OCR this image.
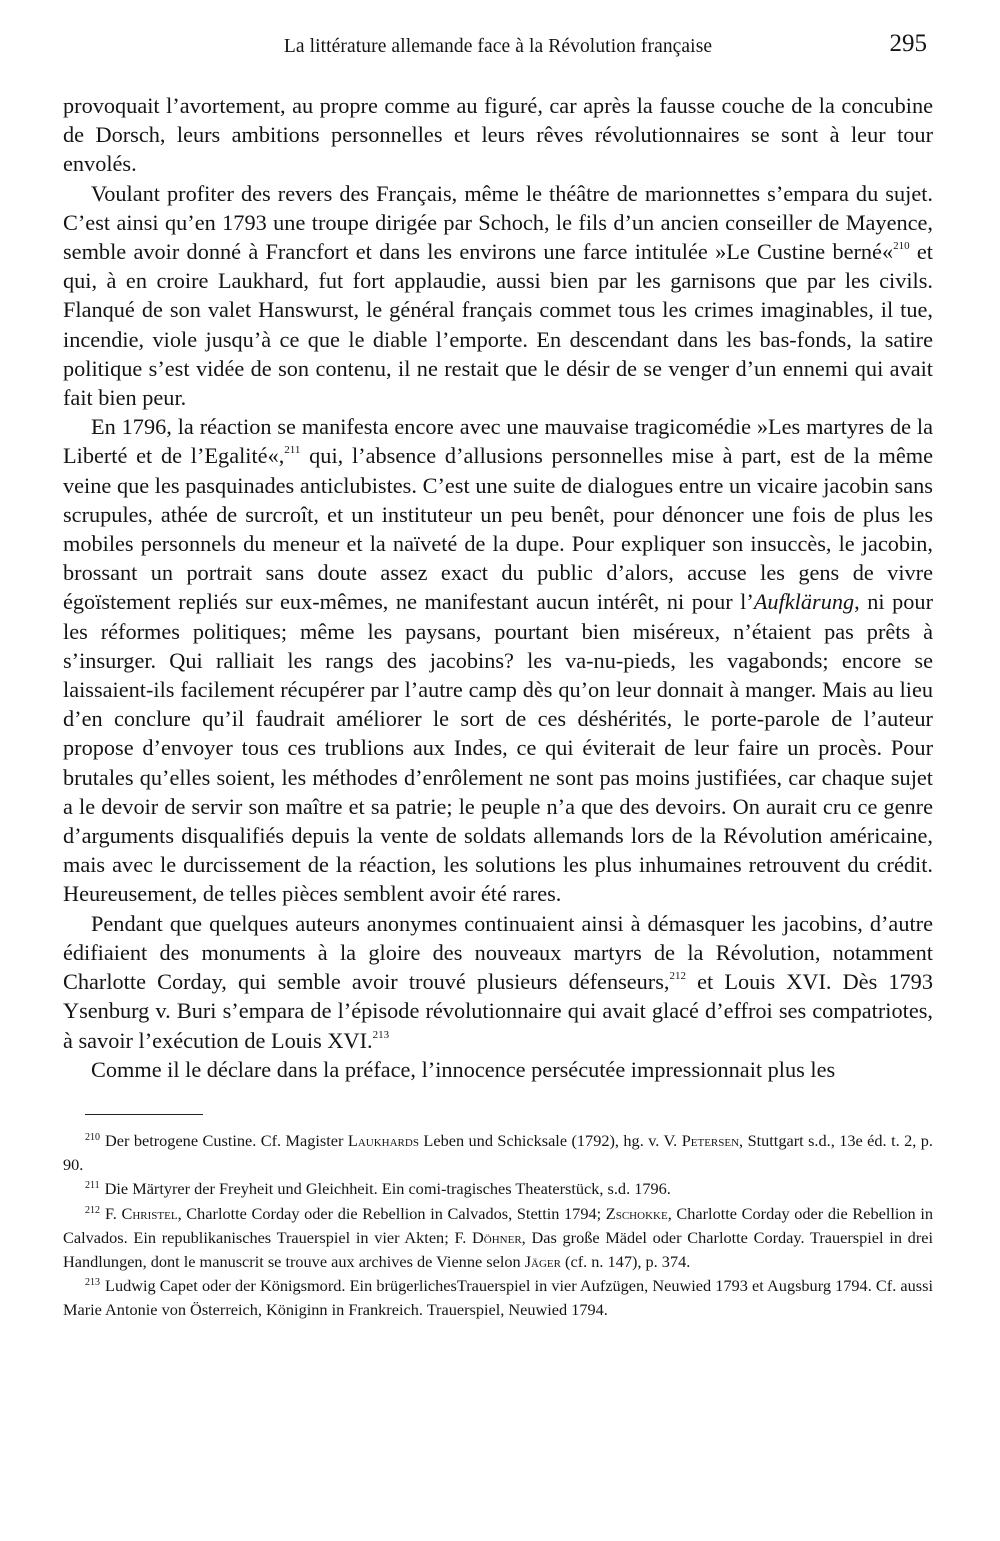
La littérature allemande face à la Révolution française	295

provoquait l’avortement, au propre comme au figuré, car après la fausse couche de la concubine de Dorsch, leurs ambitions personnelles et leurs rêves révolutionnaires se sont à leur tour envolés.

Voulant profiter des revers des Français, même le théâtre de marionnettes s’empara du sujet. C’est ainsi qu’en 1793 une troupe dirigée par Schoch, le fils d’un ancien conseiller de Mayence, semble avoir donné à Francfort et dans les environs une farce intitulée »Le Custine berné«$^{210}$ et qui, à en croire Laukhard, fut fort applaudie, aussi bien par les garnisons que par les civils. Flanqué de son valet Hanswurst, le général français commet tous les crimes imaginables, il tue, incendie, viole jusqu’à ce que le diable l’emporte. En descendant dans les bas-fonds, la satire politique s’est vidée de son contenu, il ne restait que le désir de se venger d’un ennemi qui avait fait bien peur.

En 1796, la réaction se manifesta encore avec une mauvaise tragicomédie »Les martyres de la Liberté et de l’Egalité«,$^{211}$ qui, l’absence d’allusions personnelles mise à part, est de la même veine que les pasquinades anticlubistes. C’est une suite de dialogues entre un vicaire jacobin sans scrupules, athée de surcroît, et un instituteur un peu benêt, pour dénoncer une fois de plus les mobiles personnels du meneur et la naïveté de la dupe. Pour expliquer son insuccès, le jacobin, brossant un portrait sans doute assez exact du public d’alors, accuse les gens de vivre égoïstement repliés sur eux-mêmes, ne manifestant aucun intérêt, ni pour l’Aufklärung, ni pour les réformes politiques; même les paysans, pourtant bien miséreux, n’étaient pas prêts à s’insurger. Qui ralliait les rangs des jacobins? les va-nu-pieds, les vagabonds; encore se laissaient-ils facilement récupérer par l’autre camp dès qu’on leur donnait à manger. Mais au lieu d’en conclure qu’il faudrait améliorer le sort de ces déshérités, le porte-parole de l’auteur propose d’envoyer tous ces trublions aux Indes, ce qui éviterait de leur faire un procès. Pour brutales qu’elles soient, les méthodes d’enrôlement ne sont pas moins justifiées, car chaque sujet a le devoir de servir son maître et sa patrie; le peuple n’a que des devoirs. On aurait cru ce genre d’arguments disqualifiés depuis la vente de soldats allemands lors de la Révolution américaine, mais avec le durcissement de la réaction, les solutions les plus inhumaines retrouvent du crédit. Heureusement, de telles pièces semblent avoir été rares.

Pendant que quelques auteurs anonymes continuaient ainsi à démasquer les jacobins, d’autre édifiaient des monuments à la gloire des nouveaux martyrs de la Révolution, notamment Charlotte Corday, qui semble avoir trouvé plusieurs défenseurs,$^{212}$ et Louis XVI. Dès 1793 Ysenburg v. Buri s’empara de l’épisode révolutionnaire qui avait glacé d’effroi ses compatriotes, à savoir l’exécution de Louis XVI.$^{213}$

Comme il le déclare dans la préface, l’innocence persécutée impressionnait plus les

$^{210}$ Der betrogene Custine. Cf. Magister Laukhards Leben und Schicksale (1792), hg. v. V. Petersen, Stuttgart s.d., 13e éd. t. 2, p. 90.

$^{211}$ Die Märtyrer der Freyheit und Gleichheit. Ein comi-tragisches Theaterstück, s.d. 1796.

$^{212}$ F. Christel, Charlotte Corday oder die Rebellion in Calvados, Stettin 1794; Zschokke, Charlotte Corday oder die Rebellion in Calvados. Ein republikanisches Trauerspiel in vier Akten; F. Döhner, Das große Mädel oder Charlotte Corday. Trauerspiel in drei Handlungen, dont le manuscrit se trouve aux archives de Vienne selon Jäger (cf. n. 147), p. 374.

$^{213}$ Ludwig Capet oder der Königsmord. Ein brügerlichesTrauerspiel in vier Aufzügen, Neuwied 1793 et Augsburg 1794. Cf. aussi Marie Antonie von Österreich, Königinn in Frankreich. Trauerspiel, Neuwied 1794.
